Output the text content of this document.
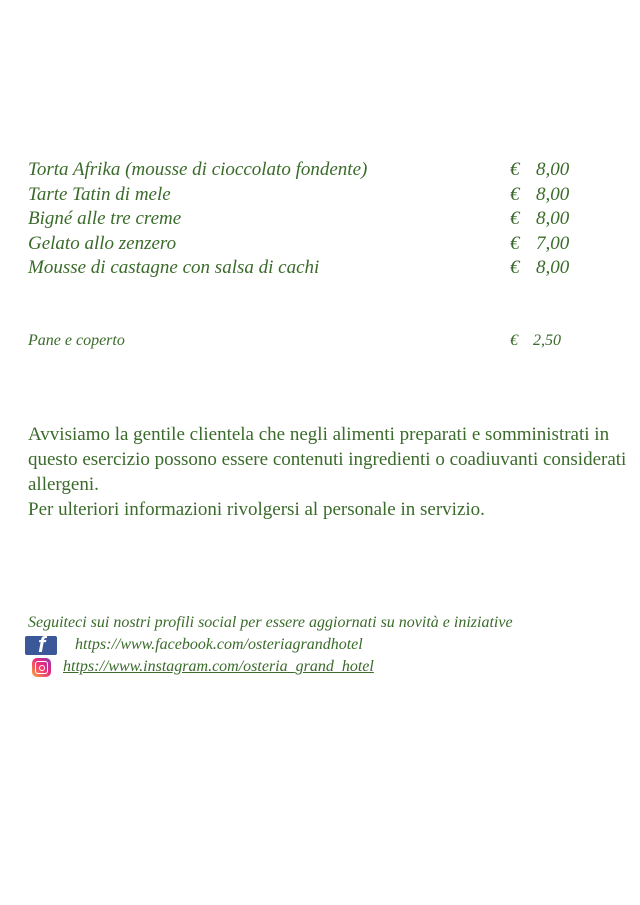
Torta Afrika (mousse di cioccolato fondente)	€ 8,00
Tarte Tatin di mele	€ 8,00
Bigné alle tre creme	€ 8,00
Gelato allo zenzero	€ 7,00
Mousse di castagne con salsa di cachi	€ 8,00
Pane e coperto	€ 2,50

Avvisiamo la gentile clientela che negli alimenti preparati e somministrati in questo esercizio possono essere contenuti ingredienti o coadiuvanti considerati allergeni.

Per ulteriori informazioni rivolgersi al personale in servizio.

Seguiteci sui nostri profili social per essere aggiornati su novità e iniziative
f https://www.facebook.com/osteriagrandhotel
https://www.instagram.com/osteria_grand_hotel
